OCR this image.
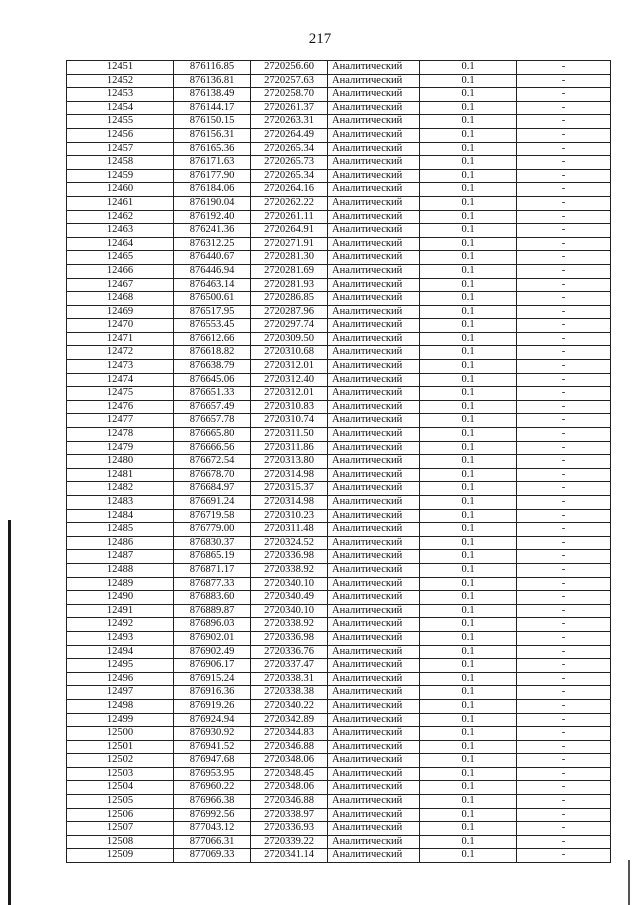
217
12451	876116.85	2720256.60	Аналитический	0.1	-
12452	876136.81	2720257.63	Аналитический	0.1	-
12453	876138.49	2720258.70	Аналитический	0.1	-
12454	876144.17	2720261.37	Аналитический	0.1	-
12455	876150.15	2720263.31	Аналитический	0.1	-
12456	876156.31	2720264.49	Аналитический	0.1	-
12457	876165.36	2720265.34	Аналитический	0.1	-
12458	876171.63	2720265.73	Аналитический	0.1	-
12459	876177.90	2720265.34	Аналитический	0.1	-
12460	876184.06	2720264.16	Аналитический	0.1	-
12461	876190.04	2720262.22	Аналитический	0.1	-
12462	876192.40	2720261.11	Аналитический	0.1	-
12463	876241.36	2720264.91	Аналитический	0.1	-
12464	876312.25	2720271.91	Аналитический	0.1	-
12465	876440.67	2720281.30	Аналитический	0.1	-
12466	876446.94	2720281.69	Аналитический	0.1	-
12467	876463.14	2720281.93	Аналитический	0.1	-
12468	876500.61	2720286.85	Аналитический	0.1	-
12469	876517.95	2720287.96	Аналитический	0.1	-
12470	876553.45	2720297.74	Аналитический	0.1	-
12471	876612.66	2720309.50	Аналитический	0.1	-
12472	876618.82	2720310.68	Аналитический	0.1	-
12473	876638.79	2720312.01	Аналитический	0.1	-
12474	876645.06	2720312.40	Аналитический	0.1	-
12475	876651.33	2720312.01	Аналитический	0.1	-
12476	876657.49	2720310.83	Аналитический	0.1	-
12477	876657.78	2720310.74	Аналитический	0.1	-
12478	876665.80	2720311.50	Аналитический	0.1	-
12479	876666.56	2720311.86	Аналитический	0.1	-
12480	876672.54	2720313.80	Аналитический	0.1	-
12481	876678.70	2720314.98	Аналитический	0.1	-
12482	876684.97	2720315.37	Аналитический	0.1	-
12483	876691.24	2720314.98	Аналитический	0.1	-
12484	876719.58	2720310.23	Аналитический	0.1	-
12485	876779.00	2720311.48	Аналитический	0.1	-
12486	876830.37	2720324.52	Аналитический	0.1	-
12487	876865.19	2720336.98	Аналитический	0.1	-
12488	876871.17	2720338.92	Аналитический	0.1	-
12489	876877.33	2720340.10	Аналитический	0.1	-
12490	876883.60	2720340.49	Аналитический	0.1	-
12491	876889.87	2720340.10	Аналитический	0.1	-
12492	876896.03	2720338.92	Аналитический	0.1	-
12493	876902.01	2720336.98	Аналитический	0.1	-
12494	876902.49	2720336.76	Аналитический	0.1	-
12495	876906.17	2720337.47	Аналитический	0.1	-
12496	876915.24	2720338.31	Аналитический	0.1	-
12497	876916.36	2720338.38	Аналитический	0.1	-
12498	876919.26	2720340.22	Аналитический	0.1	-
12499	876924.94	2720342.89	Аналитический	0.1	-
12500	876930.92	2720344.83	Аналитический	0.1	-
12501	876941.52	2720346.88	Аналитический	0.1	-
12502	876947.68	2720348.06	Аналитический	0.1	-
12503	876953.95	2720348.45	Аналитический	0.1	-
12504	876960.22	2720348.06	Аналитический	0.1	-
12505	876966.38	2720346.88	Аналитический	0.1	-
12506	876992.56	2720338.97	Аналитический	0.1	-
12507	877043.12	2720336.93	Аналитический	0.1	-
12508	877066.31	2720339.22	Аналитический	0.1	-
12509	877069.33	2720341.14	Аналитический	0.1	-
